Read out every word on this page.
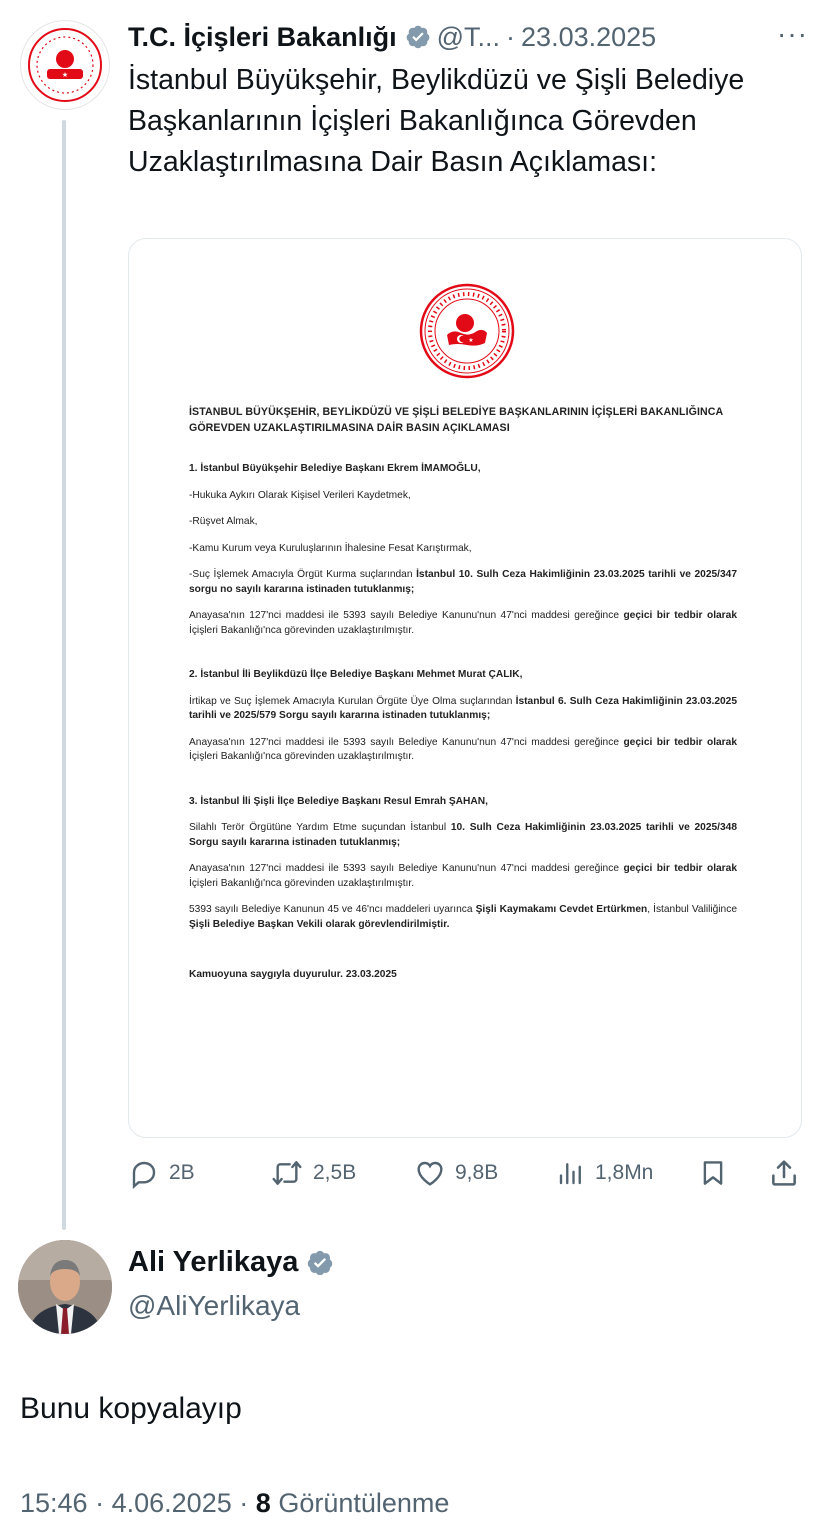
★
T.C. İçişleri Bakanlığı @T... · 23.03.2025	···
İstanbul Büyükşehir, Beylikdüzü ve Şişli Belediye Başkanlarının İçişleri Bakanlığınca Görevden Uzaklaştırılmasına Dair Basın Açıklaması:
★

İSTANBUL BÜYÜKŞEHİR, BEYLİKDÜZÜ VE ŞİŞLİ BELEDİYE BAŞKANLARININ İÇİŞLERİ BAKANLIĞINCA GÖREVDEN UZAKLAŞTIRILMASINA DAİR BASIN AÇIKLAMASI

1. İstanbul Büyükşehir Belediye Başkanı Ekrem İMAMOĞLU,

-Hukuka Aykırı Olarak Kişisel Verileri Kaydetmek,

-Rüşvet Almak,

-Kamu Kurum veya Kuruluşlarının İhalesine Fesat Karıştırmak,

-Suç İşlemek Amacıyla Örgüt Kurma suçlarından İstanbul 10. Sulh Ceza Hakimliğinin 23.03.2025 tarihli ve 2025/347 sorgu no sayılı kararına istinaden tutuklanmış;

Anayasa'nın 127'nci maddesi ile 5393 sayılı Belediye Kanunu'nun 47'nci maddesi gereğince geçici bir tedbir olarak İçişleri Bakanlığı'nca görevinden uzaklaştırılmıştır.

2. İstanbul İli Beylikdüzü İlçe Belediye Başkanı Mehmet Murat ÇALIK,

İrtikap ve Suç İşlemek Amacıyla Kurulan Örgüte Üye Olma suçlarından İstanbul 6. Sulh Ceza Hakimliğinin 23.03.2025 tarihli ve 2025/579 Sorgu sayılı kararına istinaden tutuklanmış;

Anayasa'nın 127'nci maddesi ile 5393 sayılı Belediye Kanunu'nun 47'nci maddesi gereğince geçici bir tedbir olarak İçişleri Bakanlığı'nca görevinden uzaklaştırılmıştır.

3. İstanbul İli Şişli İlçe Belediye Başkanı Resul Emrah ŞAHAN,

Silahlı Terör Örgütüne Yardım Etme suçundan İstanbul 10. Sulh Ceza Hakimliğinin 23.03.2025 tarihli ve 2025/348 Sorgu sayılı kararına istinaden tutuklanmış;

Anayasa'nın 127'nci maddesi ile 5393 sayılı Belediye Kanunu'nun 47'nci maddesi gereğince geçici bir tedbir olarak İçişleri Bakanlığı'nca görevinden uzaklaştırılmıştır.

5393 sayılı Belediye Kanunun 45 ve 46'ncı maddeleri uyarınca Şişli Kaymakamı Cevdet Ertürkmen, İstanbul Valiliğince Şişli Belediye Başkan Vekili olarak görevlendirilmiştir.

Kamuoyuna saygıyla duyurulur. 23.03.2025

2B	2,5B	9,8B	1,8Mn
Ali Yerlikaya
@AliYerlikaya
Bunu kopyalayıp
15:46 · 4.06.2025 · 8 Görüntülenme
